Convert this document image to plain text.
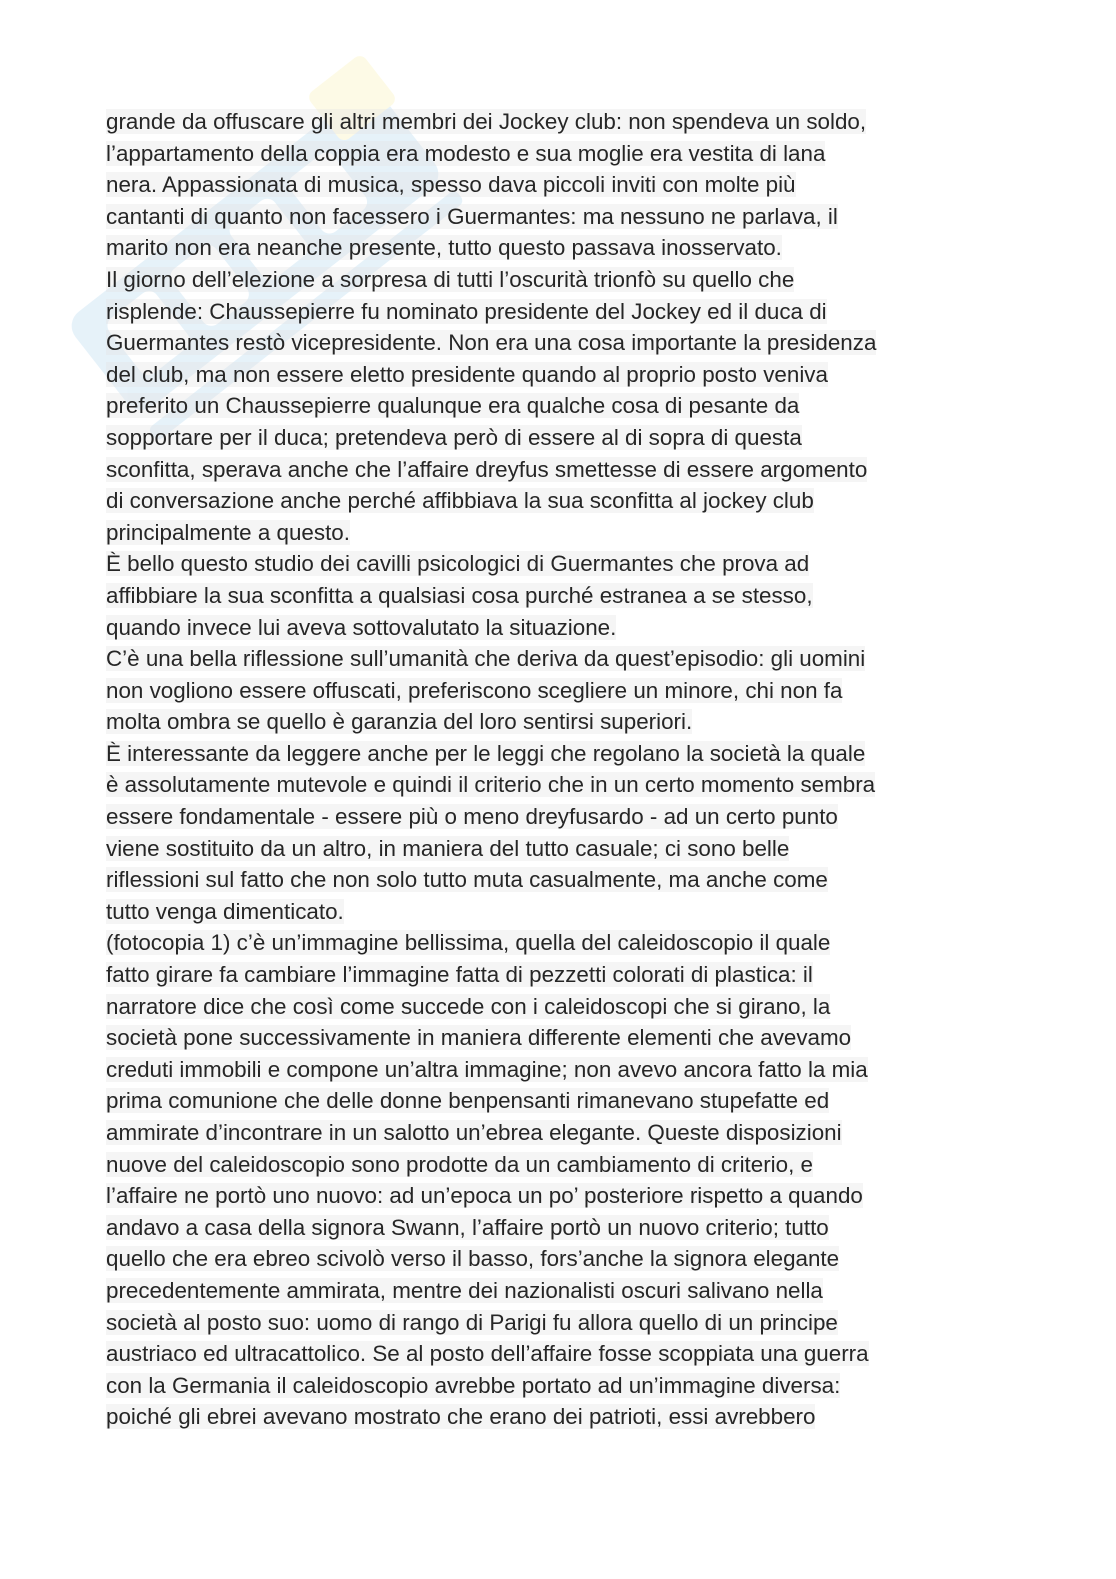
grande da offuscare gli altri membri dei Jockey club: non spendeva un soldo,
l’appartamento della coppia era modesto e sua moglie era vestita di lana
nera. Appassionata di musica, spesso dava piccoli inviti con molte più
cantanti di quanto non facessero i Guermantes: ma nessuno ne parlava, il
marito non era neanche presente, tutto questo passava inosservato.
Il giorno dell’elezione a sorpresa di tutti l’oscurità trionfò su quello che
risplende: Chaussepierre fu nominato presidente del Jockey ed il duca di
Guermantes restò vicepresidente. Non era una cosa importante la presidenza
del club, ma non essere eletto presidente quando al proprio posto veniva
preferito un Chaussepierre qualunque era qualche cosa di pesante da
sopportare per il duca; pretendeva però di essere al di sopra di questa
sconfitta, sperava anche che l’affaire dreyfus smettesse di essere argomento
di conversazione anche perché affibbiava la sua sconfitta al jockey club
principalmente a questo.
È bello questo studio dei cavilli psicologici di Guermantes che prova ad
affibbiare la sua sconfitta a qualsiasi cosa purché estranea a se stesso,
quando invece lui aveva sottovalutato la situazione.
C’è una bella riflessione sull’umanità che deriva da quest’episodio: gli uomini
non vogliono essere offuscati, preferiscono scegliere un minore, chi non fa
molta ombra se quello è garanzia del loro sentirsi superiori.
È interessante da leggere anche per le leggi che regolano la società la quale
è assolutamente mutevole e quindi il criterio che in un certo momento sembra
essere fondamentale - essere più o meno dreyfusardo - ad un certo punto
viene sostituito da un altro, in maniera del tutto casuale; ci sono belle
riflessioni sul fatto che non solo tutto muta casualmente, ma anche come
tutto venga dimenticato.
(fotocopia 1) c’è un’immagine bellissima, quella del caleidoscopio il quale
fatto girare fa cambiare l’immagine fatta di pezzetti colorati di plastica: il
narratore dice che così come succede con i caleidoscopi che si girano, la
società pone successivamente in maniera differente elementi che avevamo
creduti immobili e compone un’altra immagine; non avevo ancora fatto la mia
prima comunione che delle donne benpensanti rimanevano stupefatte ed
ammirate d’incontrare in un salotto un’ebrea elegante. Queste disposizioni
nuove del caleidoscopio sono prodotte da un cambiamento di criterio, e
l’affaire ne portò uno nuovo: ad un’epoca un po’ posteriore rispetto a quando
andavo a casa della signora Swann, l’affaire portò un nuovo criterio; tutto
quello che era ebreo scivolò verso il basso, fors’anche la signora elegante
precedentemente ammirata, mentre dei nazionalisti oscuri salivano nella
società al posto suo: uomo di rango di Parigi fu allora quello di un principe
austriaco ed ultracattolico. Se al posto dell’affaire fosse scoppiata una guerra
con la Germania il caleidoscopio avrebbe portato ad un’immagine diversa:
poiché gli ebrei avevano mostrato che erano dei patrioti, essi avrebbero
